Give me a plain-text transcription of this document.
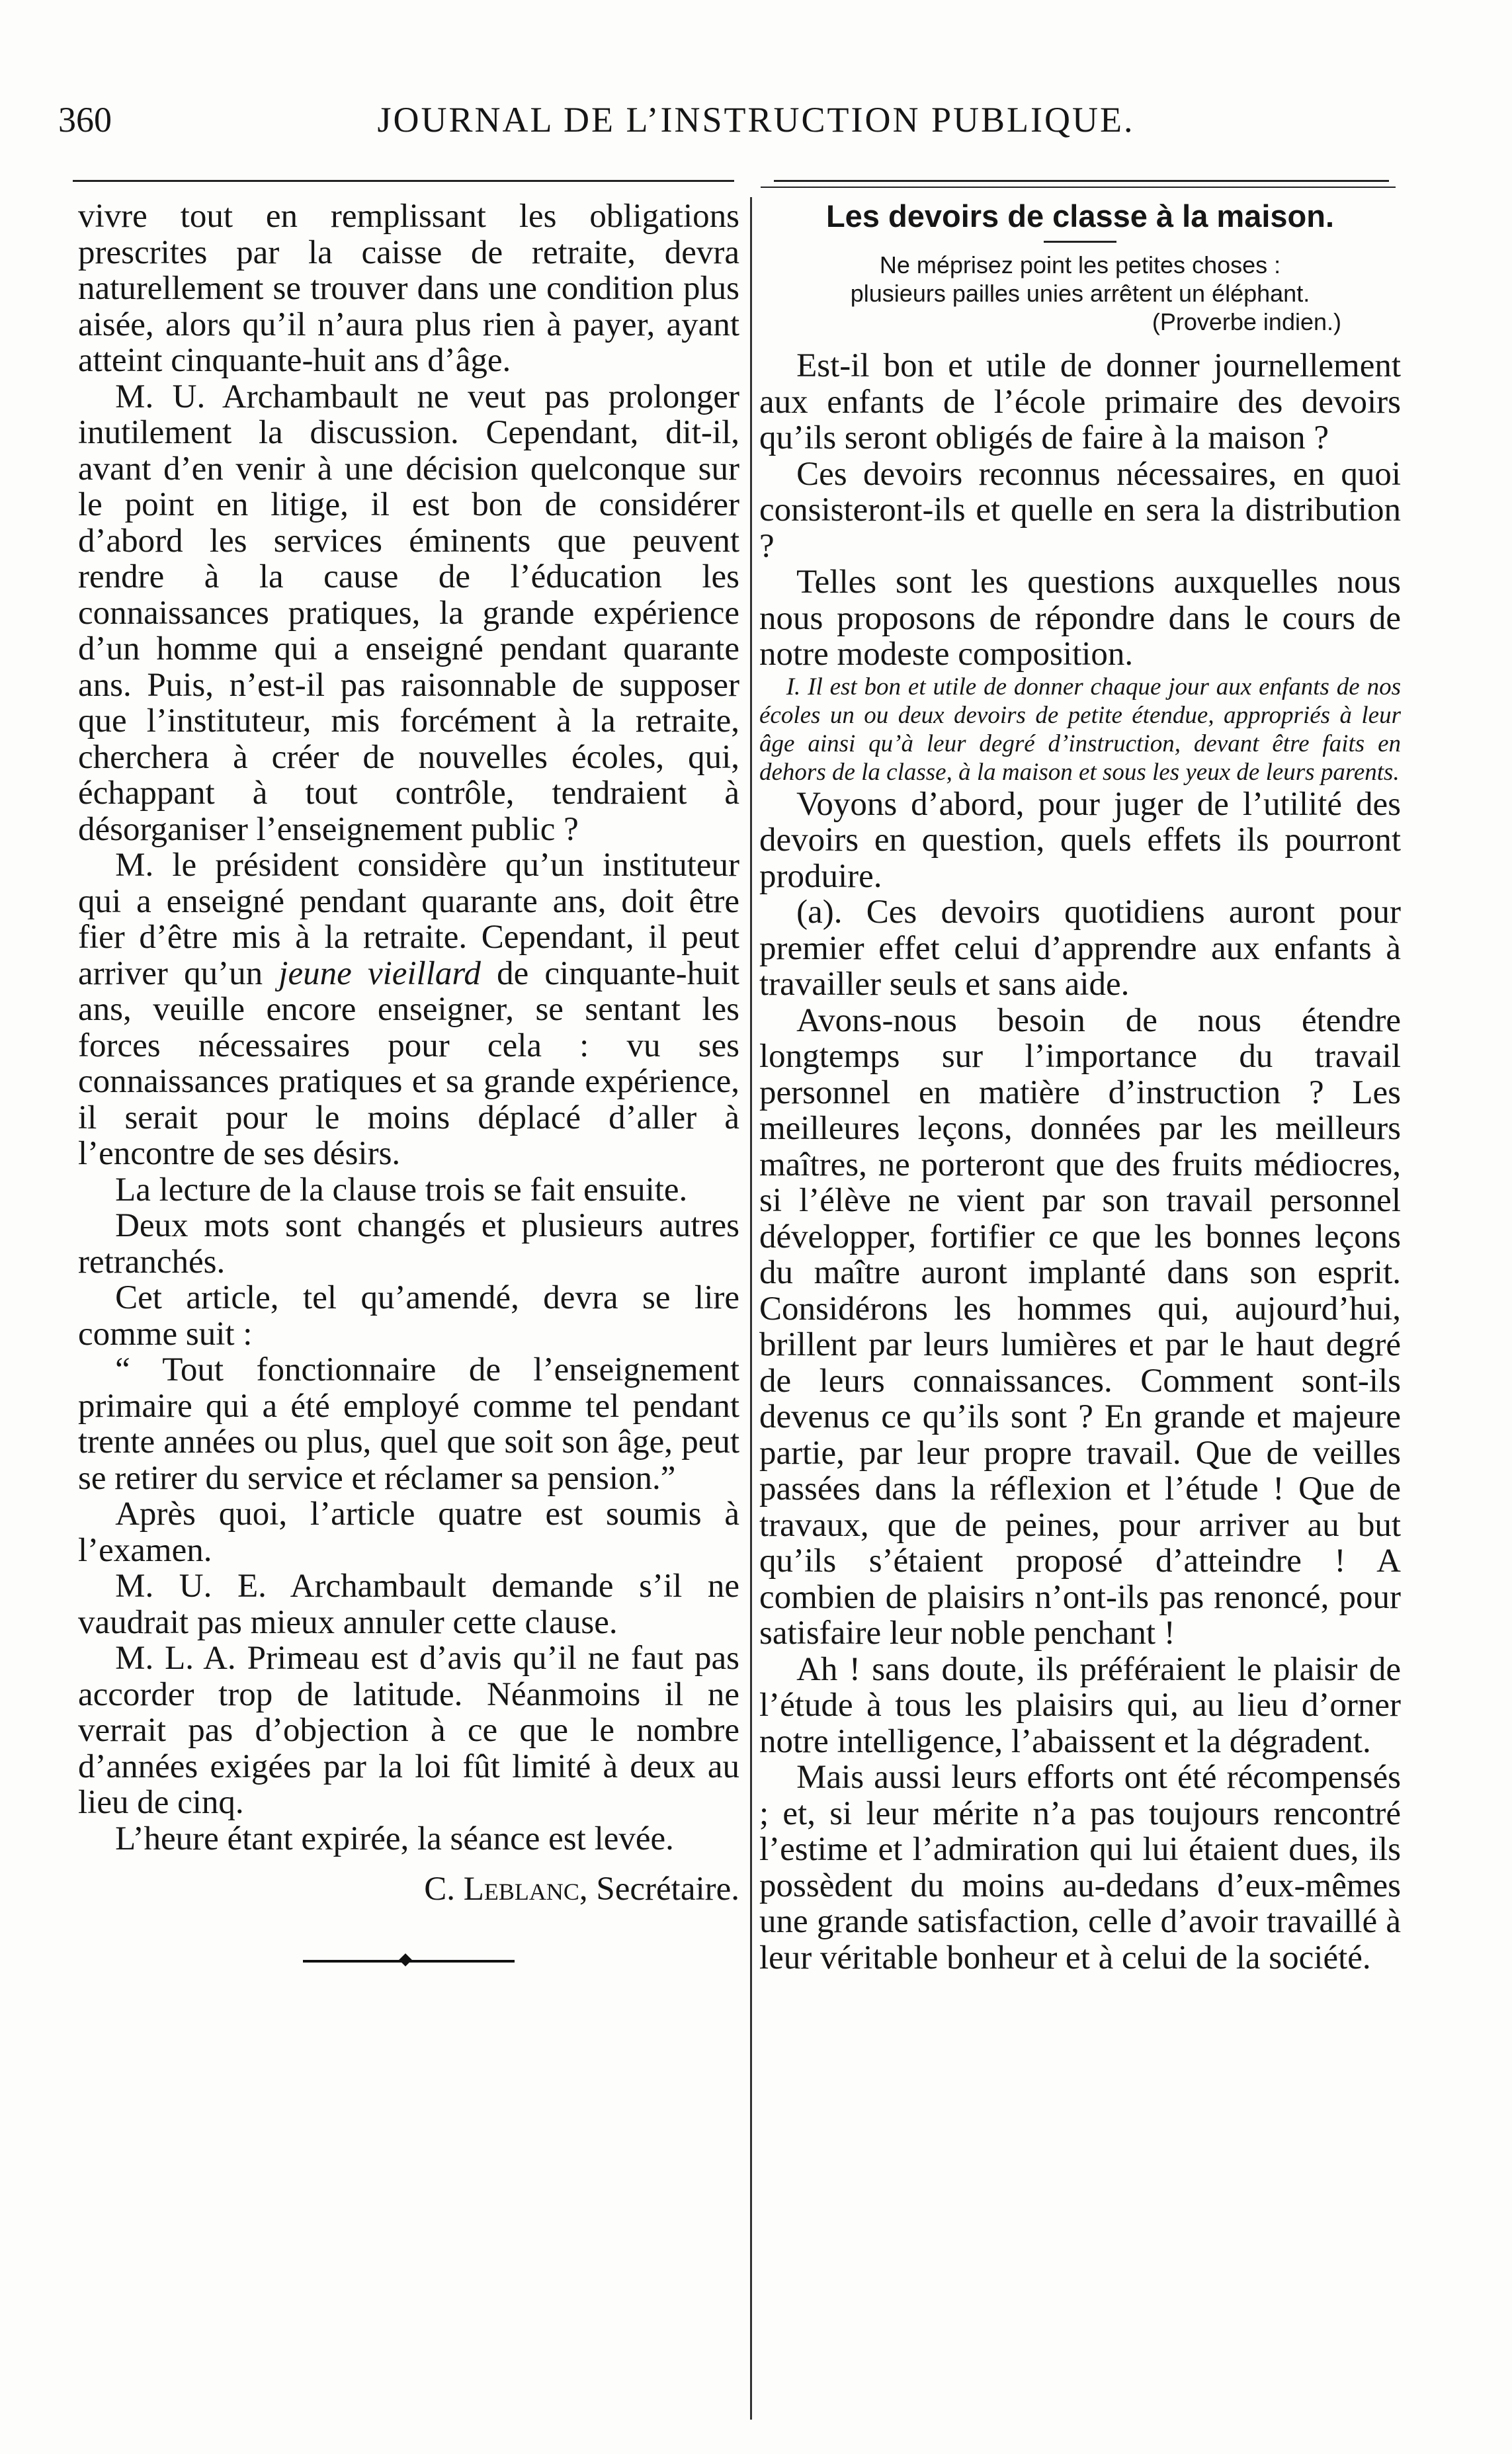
360	JOURNAL DE L’INSTRUCTION PUBLIQUE.

vivre tout en remplissant les obligations prescrites par la caisse de retraite, devra naturellement se trouver dans une condition plus aisée, alors qu’il n’aura plus rien à payer, ayant atteint cinquante-huit ans d’âge.

M. U. Archambault ne veut pas prolonger inutilement la discussion. Cependant, dit-il, avant d’en venir à une décision quelconque sur le point en litige, il est bon de considérer d’abord les services éminents que peuvent rendre à la cause de l’éducation les connaissances pratiques, la grande expérience d’un homme qui a enseigné pendant quarante ans. Puis, n’est-il pas raisonnable de supposer que l’instituteur, mis forcément à la retraite, cherchera à créer de nouvelles écoles, qui, échappant à tout contrôle, tendraient à désorganiser l’enseignement public ?

M. le président considère qu’un instituteur qui a enseigné pendant quarante ans, doit être fier d’être mis à la retraite. Cependant, il peut arriver qu’un jeune vieillard de cinquante-huit ans, veuille encore enseigner, se sentant les forces nécessaires pour cela : vu ses connaissances pratiques et sa grande expérience, il serait pour le moins déplacé d’aller à l’encontre de ses désirs.

La lecture de la clause trois se fait ensuite.

Deux mots sont changés et plusieurs autres retranchés.

Cet article, tel qu’amendé, devra se lire comme suit :

“ Tout fonctionnaire de l’enseignement primaire qui a été employé comme tel pendant trente années ou plus, quel que soit son âge, peut se retirer du service et réclamer sa pension.”

Après quoi, l’article quatre est soumis à l’examen.

M. U. E. Archambault demande s’il ne vaudrait pas mieux annuler cette clause.

M. L. A. Primeau est d’avis qu’il ne faut pas accorder trop de latitude. Néanmoins il ne verrait pas d’objection à ce que le nombre d’années exigées par la loi fût limité à deux au lieu de cinq.

L’heure étant expirée, la séance est levée.

C. Leblanc, Secrétaire.

Les devoirs de classe à la maison.
Ne méprisez point les petites choses :
plusieurs pailles unies arrêtent un éléphant.
(Proverbe indien.)

Est-il bon et utile de donner journellement aux enfants de l’école primaire des devoirs qu’ils seront obligés de faire à la maison ?

Ces devoirs reconnus nécessaires, en quoi consisteront-ils et quelle en sera la distribution ?

Telles sont les questions auxquelles nous nous proposons de répondre dans le cours de notre modeste composition.

I. Il est bon et utile de donner chaque jour aux enfants de nos écoles un ou deux devoirs de petite étendue, appropriés à leur âge ainsi qu’à leur degré d’instruction, devant être faits en dehors de la classe, à la maison et sous les yeux de leurs parents.

Voyons d’abord, pour juger de l’utilité des devoirs en question, quels effets ils pourront produire.

(a). Ces devoirs quotidiens auront pour premier effet celui d’apprendre aux enfants à travailler seuls et sans aide.

Avons-nous besoin de nous étendre longtemps sur l’importance du travail personnel en matière d’instruction ? Les meilleures leçons, données par les meilleurs maîtres, ne porteront que des fruits médiocres, si l’élève ne vient par son travail personnel développer, fortifier ce que les bonnes leçons du maître auront implanté dans son esprit. Considérons les hommes qui, aujourd’hui, brillent par leurs lumières et par le haut degré de leurs connaissances. Comment sont-ils devenus ce qu’ils sont ? En grande et majeure partie, par leur propre travail. Que de veilles passées dans la réflexion et l’étude ! Que de travaux, que de peines, pour arriver au but qu’ils s’étaient proposé d’atteindre ! A combien de plaisirs n’ont-ils pas renoncé, pour satisfaire leur noble penchant !

Ah ! sans doute, ils préféraient le plaisir de l’étude à tous les plaisirs qui, au lieu d’orner notre intelligence, l’abaissent et la dégradent.

Mais aussi leurs efforts ont été récompensés ; et, si leur mérite n’a pas toujours rencontré l’estime et l’admiration qui lui étaient dues, ils possèdent du moins au-dedans d’eux-mêmes une grande satisfaction, celle d’avoir travaillé à leur véritable bonheur et à celui de la société.
